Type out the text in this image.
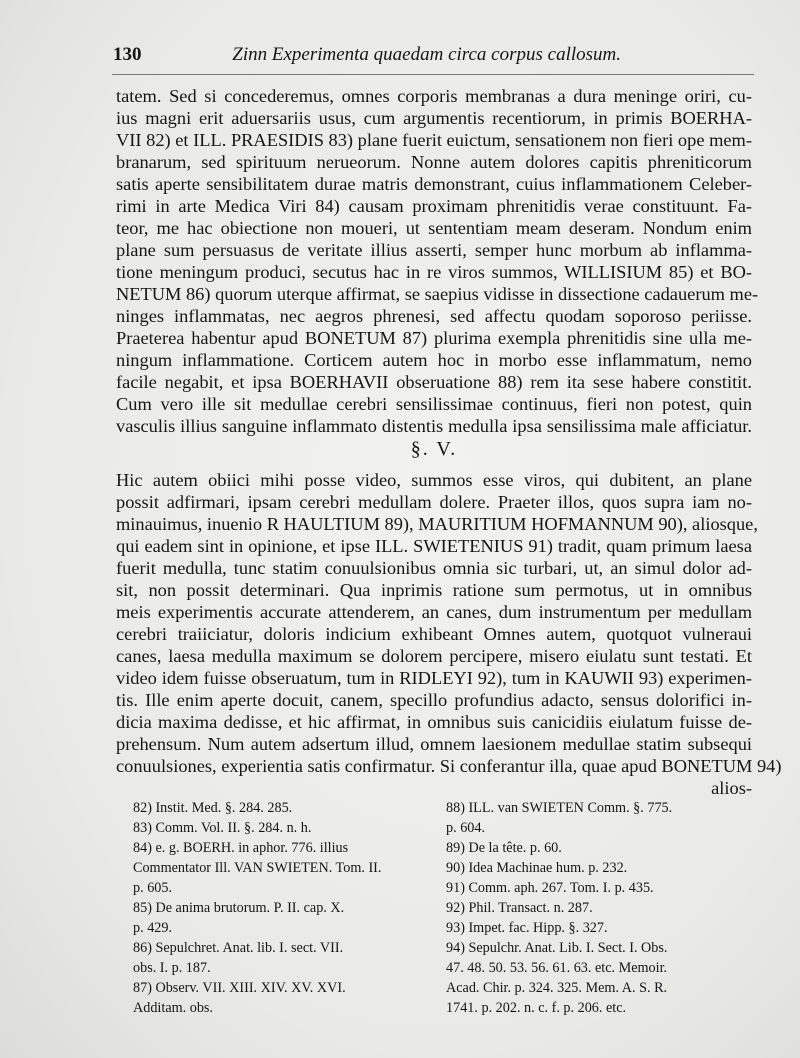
130	Zinn Experimenta quaedam circa corpus callosum.
tatem. Sed si concederemus, omnes corporis membranas a dura meninge oriri, cu-
ius magni erit aduersariis usus, cum argumentis recentiorum, in primis BOERHA-
VII 82) et ILL. PRAESIDIS 83) plane fuerit euictum, sensationem non fieri ope mem-
branarum, sed spirituum nerueorum. Nonne autem dolores capitis phreniticorum
satis aperte sensibilitatem durae matris demonstrant, cuius inflammationem Celeber-
rimi in arte Medica Viri 84) causam proximam phrenitidis verae constituunt. Fa-
teor, me hac obiectione non moueri, ut sententiam meam deseram. Nondum enim
plane sum persuasus de veritate illius asserti, semper hunc morbum ab inflamma-
tione meningum produci, secutus hac in re viros summos, WILLISIUM 85) et BO-
NETUM 86) quorum uterque affirmat, se saepius vidisse in dissectione cadauerum me-
ninges inflammatas, nec aegros phrenesi, sed affectu quodam soporoso periisse.
Praeterea habentur apud BONETUM 87) plurima exempla phrenitidis sine ulla me-
ningum inflammatione. Corticem autem hoc in morbo esse inflammatum, nemo
facile negabit, et ipsa BOERHAVII obseruatione 88) rem ita sese habere constitit.
Cum vero ille sit medullae cerebri sensilissimae continuus, fieri non potest, quin
vasculis illius sanguine inflammato distentis medulla ipsa sensilissima male afficiatur.
§. V.
Hic autem obiici mihi posse video, summos esse viros, qui dubitent, an plane
possit adfirmari, ipsam cerebri medullam dolere. Praeter illos, quos supra iam no-
minauimus, inuenio R HAULTIUM 89), MAURITIUM HOFMANNUM 90), aliosque,
qui eadem sint in opinione, et ipse ILL. SWIETENIUS 91) tradit, quam primum laesa
fuerit medulla, tunc statim conuulsionibus omnia sic turbari, ut, an simul dolor ad-
sit, non possit determinari. Qua inprimis ratione sum permotus, ut in omnibus
meis experimentis accurate attenderem, an canes, dum instrumentum per medullam
cerebri traiiciatur, doloris indicium exhibeant Omnes autem, quotquot vulneraui
canes, laesa medulla maximum se dolorem percipere, misero eiulatu sunt testati. Et
video idem fuisse obseruatum, tum in RIDLEYI 92), tum in KAUWII 93) experimen-
tis. Ille enim aperte docuit, canem, specillo profundius adacto, sensus dolorifici in-
dicia maxima dedisse, et hic affirmat, in omnibus suis canicidiis eiulatum fuisse de-
prehensum. Num autem adsertum illud, omnem laesionem medullae statim subsequi
conuulsiones, experientia satis confirmatur. Si conferantur illa, quae apud BONETUM 94)
alios-
82) Instit. Med. §. 284. 285.
83) Comm. Vol. II. §. 284. n. h.
84) e. g. BOERH. in aphor. 776. illius
Commentator Ill. VAN SWIETEN. Tom. II.
p. 605.
85) De anima brutorum. P. II. cap. X.
p. 429.
86) Sepulchret. Anat. lib. I. sect. VII.
obs. I. p. 187.
87) Observ. VII. XIII. XIV. XV. XVI.
Additam. obs.
88) ILL. van SWIETEN Comm. §. 775.
p. 604.
89) De la tête. p. 60.
90) Idea Machinae hum. p. 232.
91) Comm. aph. 267. Tom. I. p. 435.
92) Phil. Transact. n. 287.
93) Impet. fac. Hipp. §. 327.
94) Sepulchr. Anat. Lib. I. Sect. I. Obs.
47. 48. 50. 53. 56. 61. 63. etc. Memoir.
Acad. Chir. p. 324. 325. Mem. A. S. R.
1741. p. 202. n. c. f. p. 206. etc.
